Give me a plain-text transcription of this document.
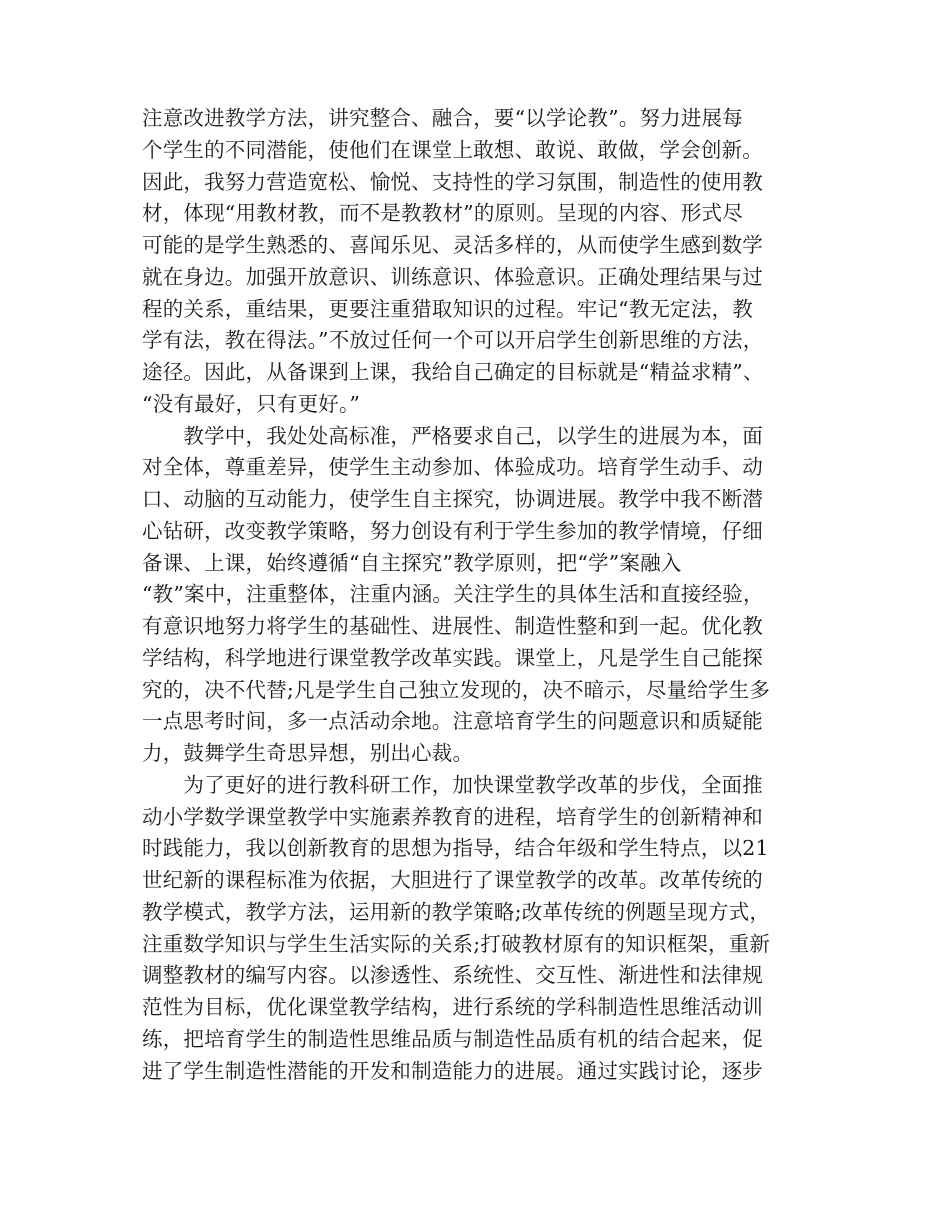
注意改进教学方法，讲究整合、融合，要“以学论教”。努力进展每
个学生的不同潜能，使他们在课堂上敢想、敢说、敢做，学会创新。
因此，我努力营造宽松、愉悦、支持性的学习氛围，制造性的使用教
材，体现“用教材教，而不是教教材”的原则。呈现的内容、形式尽
可能的是学生熟悉的、喜闻乐见、灵活多样的，从而使学生感到数学
就在身边。加强开放意识、训练意识、体验意识。正确处理结果与过
程的关系，重结果，更要注重猎取知识的过程。牢记“教无定法，教
学有法，教在得法。”不放过任何一个可以开启学生创新思维的方法，
途径。因此，从备课到上课，我给自己确定的目标就是“精益求精”、
“没有最好，只有更好。”
　　教学中，我处处高标准，严格要求自己，以学生的进展为本，面
对全体，尊重差异，使学生主动参加、体验成功。培育学生动手、动
口、动脑的互动能力，使学生自主探究，协调进展。教学中我不断潜
心钻研，改变教学策略，努力创设有利于学生参加的教学情境，仔细
备课、上课，始终遵循“自主探究”教学原则，把“学”案融入
“教”案中，注重整体，注重内涵。关注学生的具体生活和直接经验，
有意识地努力将学生的基础性、进展性、制造性整和到一起。优化教
学结构，科学地进行课堂教学改革实践。课堂上，凡是学生自己能探
究的，决不代替;凡是学生自己独立发现的，决不暗示，尽量给学生多
一点思考时间，多一点活动余地。注意培育学生的问题意识和质疑能
力，鼓舞学生奇思异想，别出心裁。
　　为了更好的进行教科研工作，加快课堂教学改革的步伐，全面推
动小学数学课堂教学中实施素养教育的进程，培育学生的创新精神和
时践能力，我以创新教育的思想为指导，结合年级和学生特点，以21
世纪新的课程标准为依据，大胆进行了课堂教学的改革。改革传统的
教学模式，教学方法，运用新的教学策略;改革传统的例题呈现方式，
注重数学知识与学生生活实际的关系;打破教材原有的知识框架，重新
调整教材的编写内容。以渗透性、系统性、交互性、渐进性和法律规
范性为目标，优化课堂教学结构，进行系统的学科制造性思维活动训
练，把培育学生的制造性思维品质与制造性品质有机的结合起来，促
进了学生制造性潜能的开发和制造能力的进展。通过实践讨论，逐步
